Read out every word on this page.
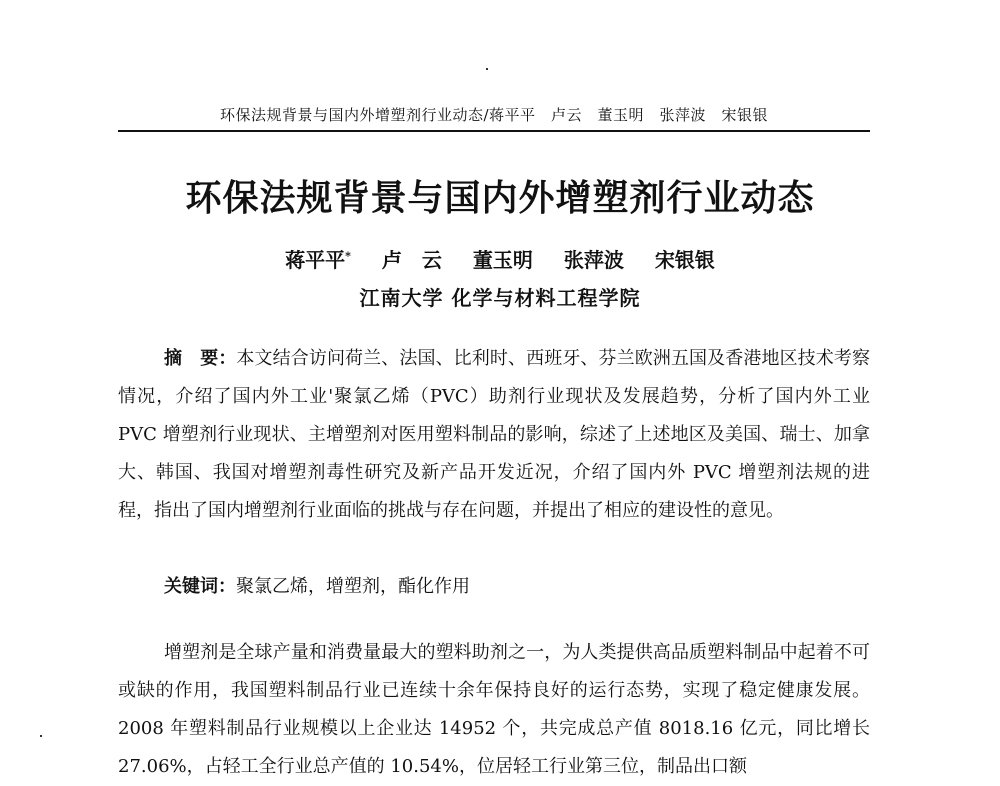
环保法规背景与国内外增塑剂行业动态/蒋平平　卢云　董玉明　张萍波　宋银银
环保法规背景与国内外增塑剂行业动态
蒋平平* 卢　云 董玉明 张萍波 宋银银
江南大学 化学与材料工程学院
摘　要：本文结合访问荷兰、法国、比利时、西班牙、芬兰欧洲五国及香港地区技术考察情况，介绍了国内外工业'聚氯乙烯（PVC）助剂行业现状及发展趋势，分析了国内外工业 PVC 增塑剂行业现状、主增塑剂对医用塑料制品的影响，综述了上述地区及美国、瑞士、加拿大、韩国、我国对增塑剂毒性研究及新产品开发近况，介绍了国内外 PVC 增塑剂法规的进程，指出了国内增塑剂行业面临的挑战与存在问题，并提出了相应的建设性的意见。
关键词：聚氯乙烯，增塑剂，酯化作用
增塑剂是全球产量和消费量最大的塑料助剂之一，为人类提供高品质塑料制品中起着不可或缺的作用，我国塑料制品行业已连续十余年保持良好的运行态势，实现了稳定健康发展。2008 年塑料制品行业规模以上企业达 14952 个，共完成总产值 8018.16 亿元，同比增长 27.06%，占轻工全行业总产值的 10.54%，位居轻工行业第三位，制品出口额
